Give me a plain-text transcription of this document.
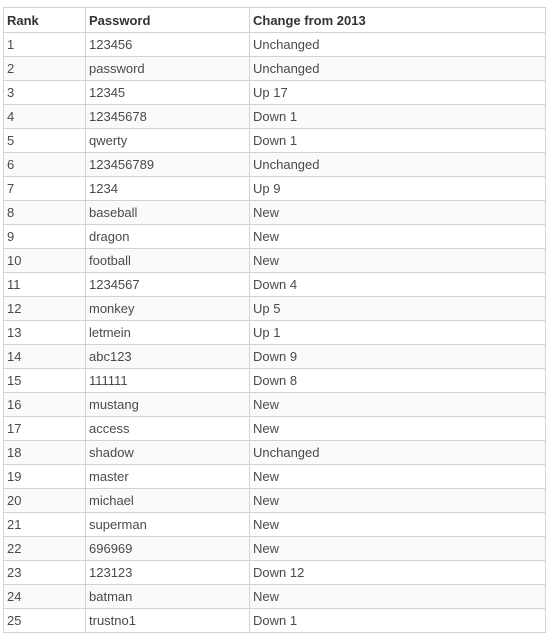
Rank	Password	Change from 2013
1	123456	Unchanged
2	password	Unchanged
3	12345	Up 17
4	12345678	Down 1
5	qwerty	Down 1
6	123456789	Unchanged
7	1234	Up 9
8	baseball	New
9	dragon	New
10	football	New
11	1234567	Down 4
12	monkey	Up 5
13	letmein	Up 1
14	abc123	Down 9
15	111111	Down 8
16	mustang	New
17	access	New
18	shadow	Unchanged
19	master	New
20	michael	New
21	superman	New
22	696969	New
23	123123	Down 12
24	batman	New
25	trustno1	Down 1
